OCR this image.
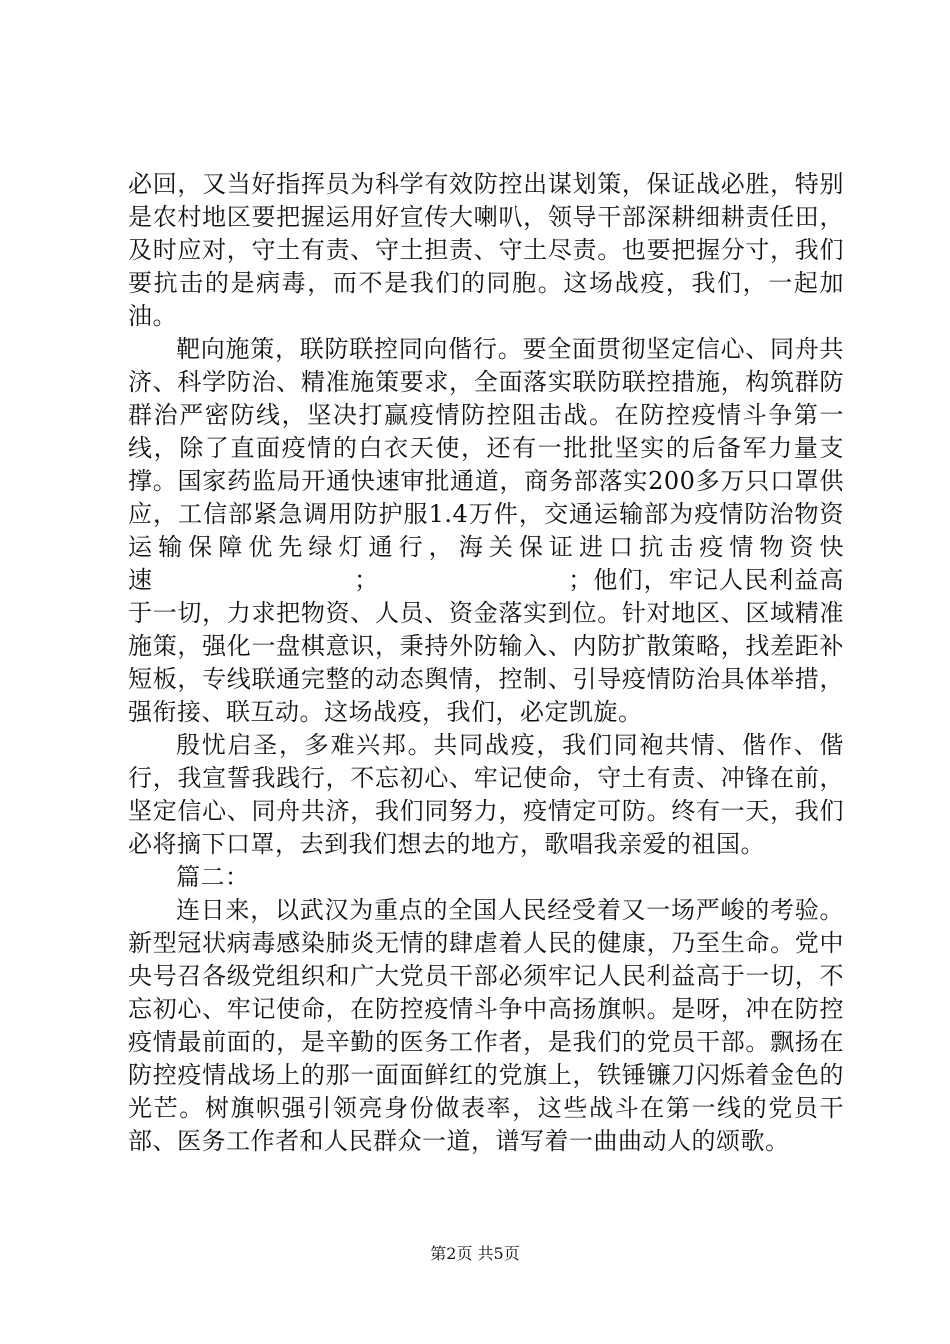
必回，又当好指挥员为科学有效防控出谋划策，保证战必胜，特别是农村地区要把握运用好宣传大喇叭，领导干部深耕细耕责任田，及时应对，守土有责、守土担责、守土尽责。也要把握分寸，我们要抗击的是病毒，而不是我们的同胞。这场战疫，我们，一起加油。

靶向施策，联防联控同向偕行。要全面贯彻坚定信心、同舟共济、科学防治、精准施策要求，全面落实联防联控措施，构筑群防群治严密防线，坚决打赢疫情防控阻击战。在防控疫情斗争第一线，除了直面疫情的白衣天使，还有一批批坚实的后备军力量支撑。国家药监局开通快速审批通道，商务部落实200多万只口罩供应，工信部紧急调用防护服1.4万件，交通运输部为疫情防治物资运输保障优先绿灯通行，海关保证进口抗击疫情物资快速　　　　　　　　；　　　　　　　　；他们，牢记人民利益高于一切，力求把物资、人员、资金落实到位。针对地区、区域精准施策，强化一盘棋意识，秉持外防输入、内防扩散策略，找差距补短板，专线联通完整的动态舆情，控制、引导疫情防治具体举措，强衔接、联互动。这场战疫，我们，必定凯旋。

殷忧启圣，多难兴邦。共同战疫，我们同袍共情、偕作、偕行，我宣誓我践行，不忘初心、牢记使命，守土有责、冲锋在前，坚定信心、同舟共济，我们同努力，疫情定可防。终有一天，我们必将摘下口罩，去到我们想去的地方，歌唱我亲爱的祖国。

篇二：

连日来，以武汉为重点的全国人民经受着又一场严峻的考验。新型冠状病毒感染肺炎无情的肆虐着人民的健康，乃至生命。党中央号召各级党组织和广大党员干部必须牢记人民利益高于一切，不忘初心、牢记使命，在防控疫情斗争中高扬旗帜。是呀，冲在防控疫情最前面的，是辛勤的医务工作者，是我们的党员干部。飘扬在防控疫情战场上的那一面面鲜红的党旗上，铁锤镰刀闪烁着金色的光芒。树旗帜强引领亮身份做表率，这些战斗在第一线的党员干部、医务工作者和人民群众一道，谱写着一曲曲动人的颂歌。

第2页 共5页
